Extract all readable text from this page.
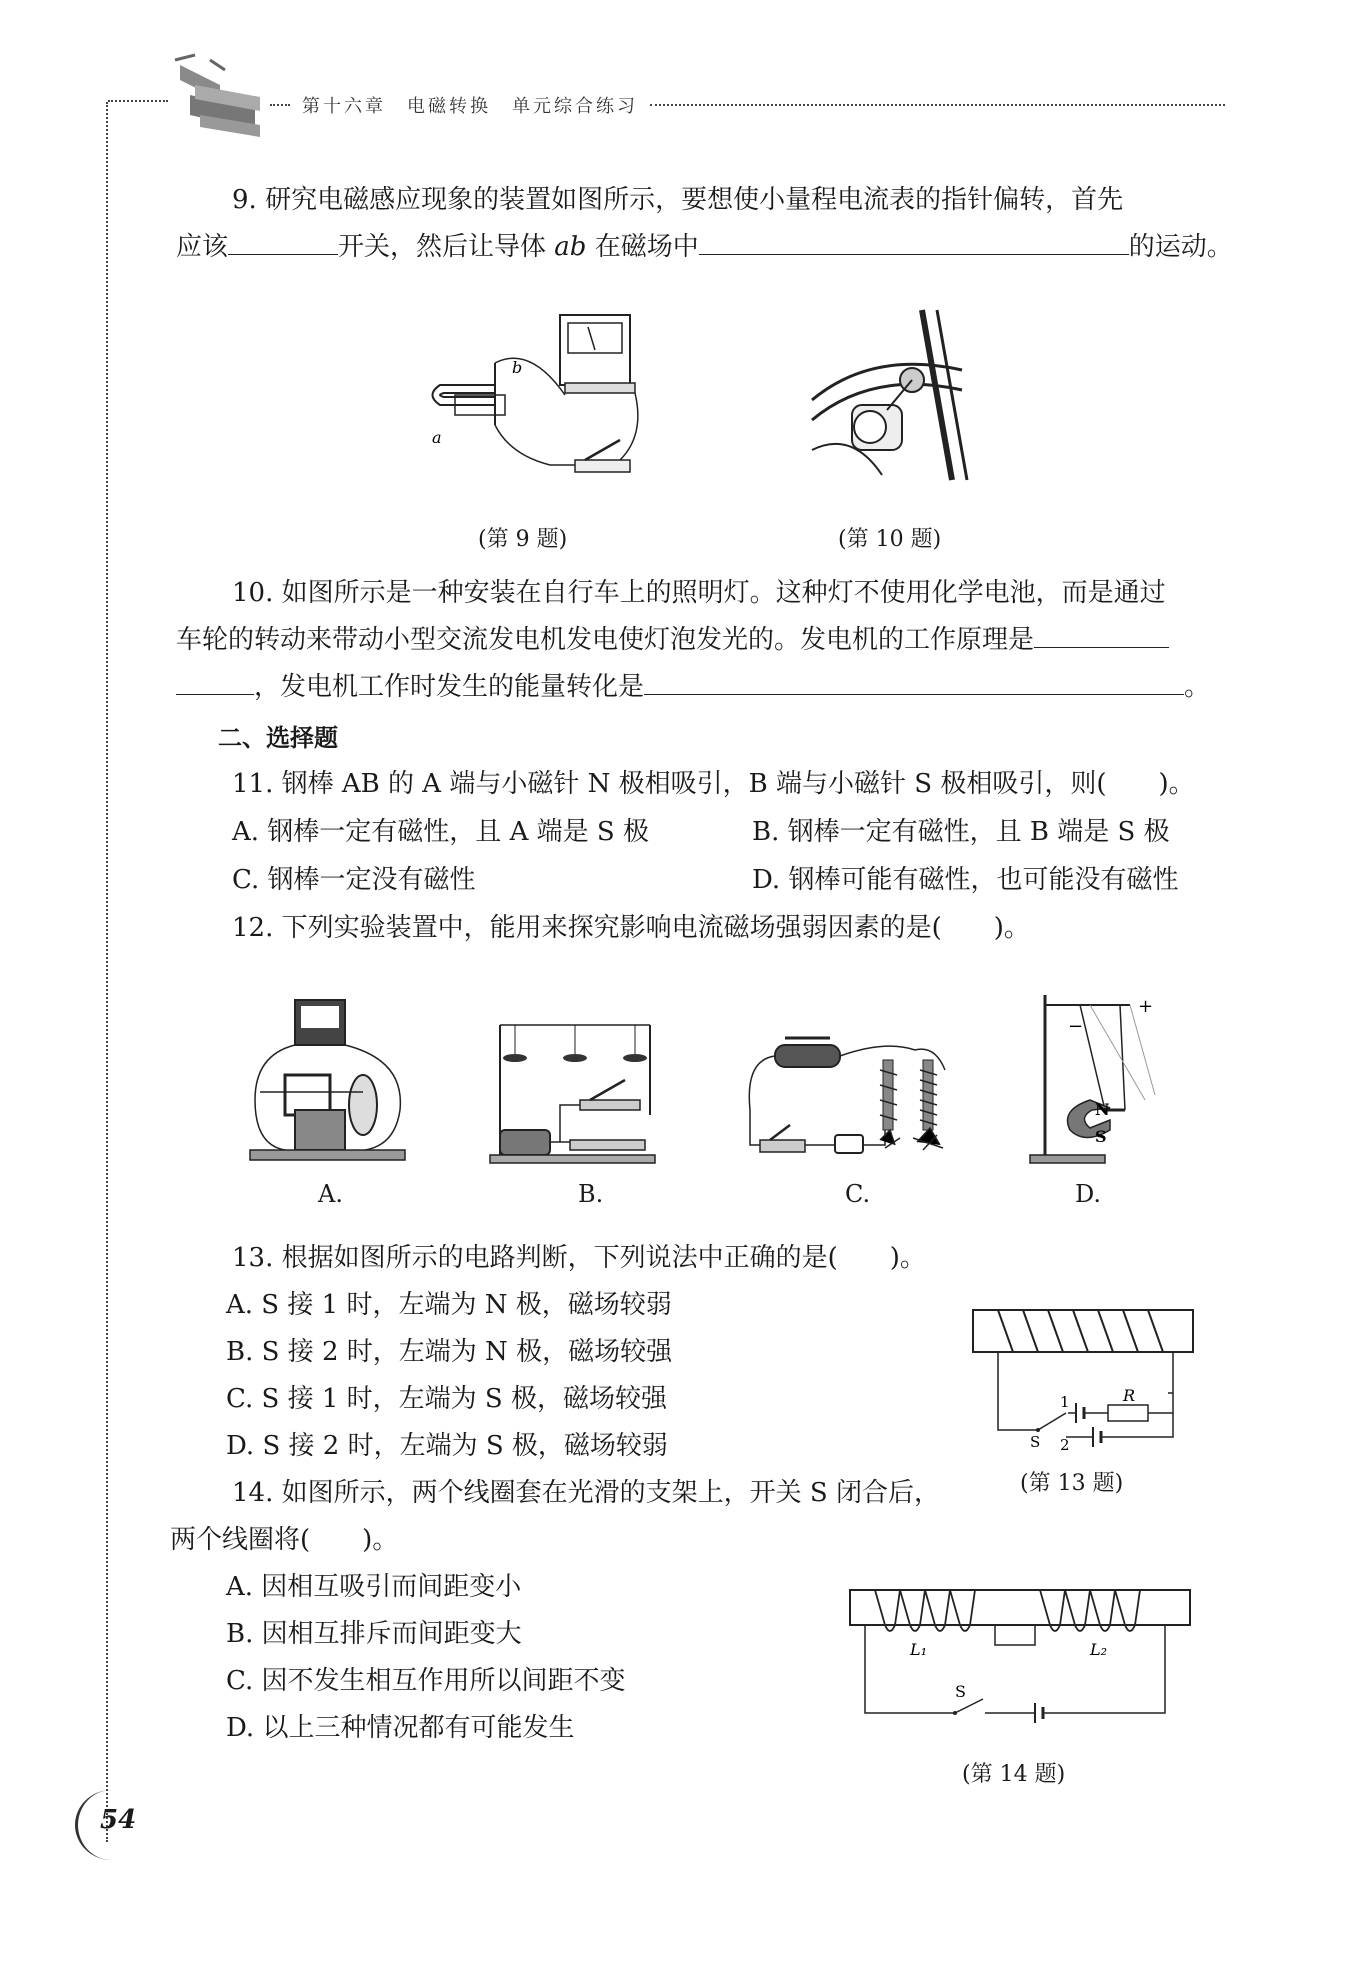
第十六章　电磁转换　单元综合练习
9. 研究电磁感应现象的装置如图所示，要想使小量程电流表的指针偏转，首先
应该	开关，然后让导体 ab 在磁场中	的运动。
a
b
(第 9 题)	(第 10 题)
10. 如图所示是一种安装在自行车上的照明灯。这种灯不使用化学电池，而是通过
车轮的转动来带动小型交流发电机发电使灯泡发光的。发电机的工作原理是
，发电机工作时发生的能量转化是	。
二、选择题
11. 钢棒 AB 的 A 端与小磁针 N 极相吸引，B 端与小磁针 S 极相吸引，则(　　)。
A. 钢棒一定有磁性，且 A 端是 S 极	B. 钢棒一定有磁性，且 B 端是 S 极
C. 钢棒一定没有磁性	D. 钢棒可能有磁性，也可能没有磁性
12. 下列实验装置中，能用来探究影响电流磁场强弱因素的是(　　)。
A.	B.	C.
+
−
N
S
D.
13. 根据如图所示的电路判断，下列说法中正确的是(　　)。
A. S 接 1 时，左端为 N 极，磁场较弱
B. S 接 2 时，左端为 N 极，磁场较强
C. S 接 1 时，左端为 S 极，磁场较强
D. S 接 2 时，左端为 S 极，磁场较弱
R
1
2
S
(第 13 题)
14. 如图所示，两个线圈套在光滑的支架上，开关 S 闭合后，
两个线圈将(　　)。
A. 因相互吸引而间距变小
B. 因相互排斥而间距变大
C. 因不发生相互作用所以间距不变
D. 以上三种情况都有可能发生
L₁	L₂
S
(第 14 题)
54
